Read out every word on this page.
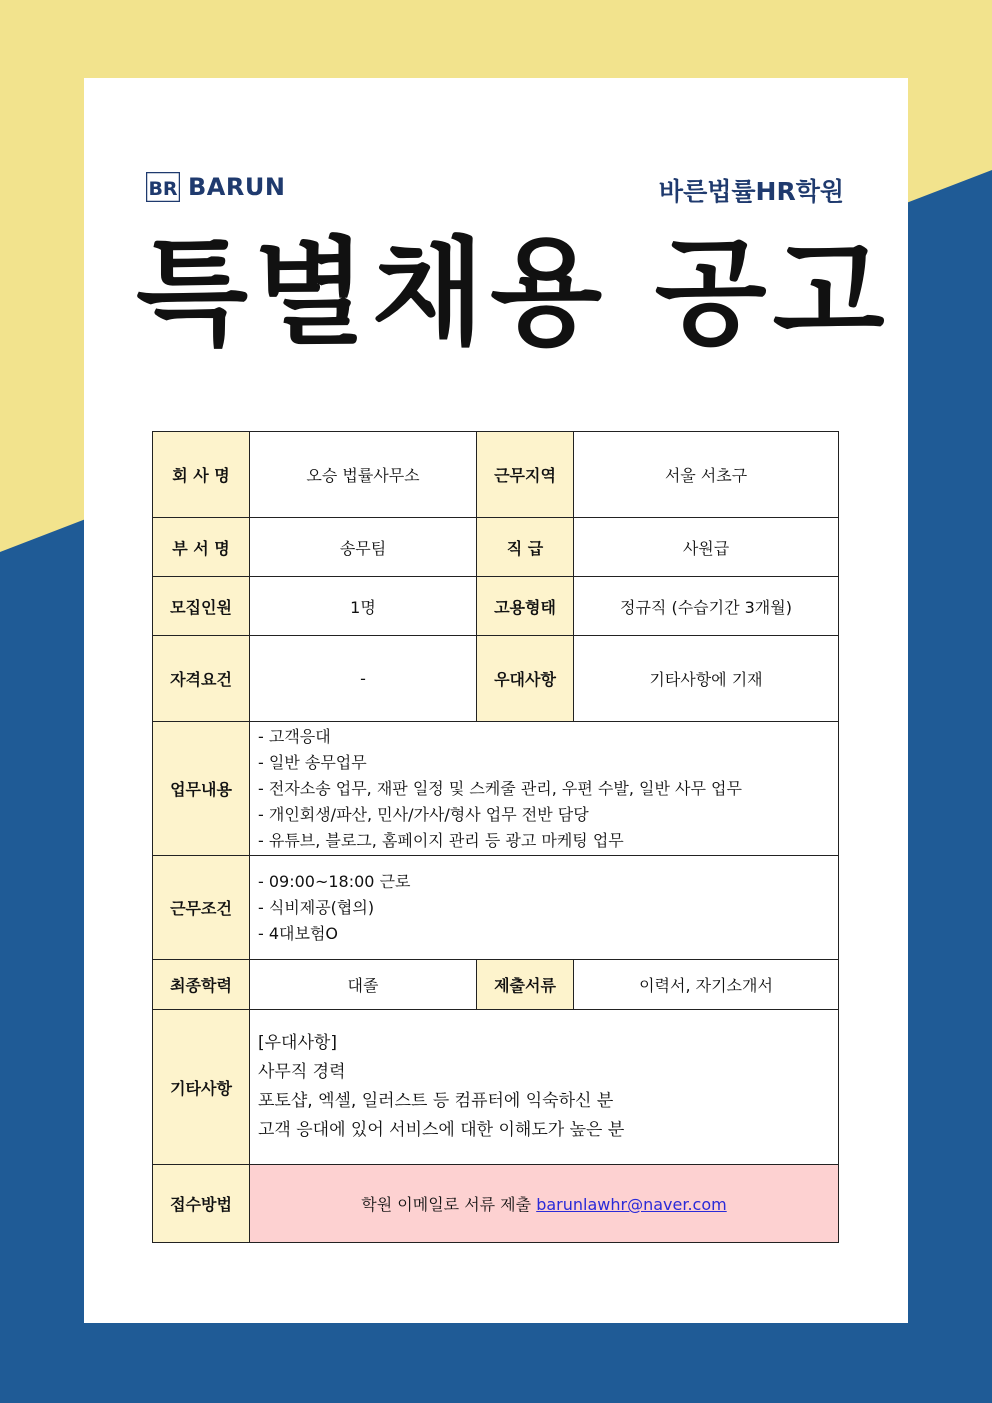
BR BARUN	바른법률HR학원
특별채용 공고
회 사 명	오승 법률사무소	근무지역	서울 서초구
부 서 명	송무팀	직 급	사원급
모집인원	1명	고용형태	정규직 (수습기간 3개월)
자격요건	-	우대사항	기타사항에 기재
업무내용	- 고객응대
- 일반 송무업무
- 전자소송 업무, 재판 일정 및 스케줄 관리, 우편 수발, 일반 사무 업무
- 개인회생/파산, 민사/가사/형사 업무 전반 담당
- 유튜브, 블로그, 홈페이지 관리 등 광고 마케팅 업무		

근무조건	- 09:00~18:00 근로
- 식비제공(협의)
- 4대보험O		

최종학력	대졸	제출서류	이력서, 자기소개서
기타사항	[우대사항]
사무직 경력
포토샵, 엑셀, 일러스트 등 컴퓨터에 익숙하신 분
고객 응대에 있어 서비스에 대한 이해도가 높은 분		

접수방법	학원 이메일로 서류 제출 barunlawhr@naver.com		
